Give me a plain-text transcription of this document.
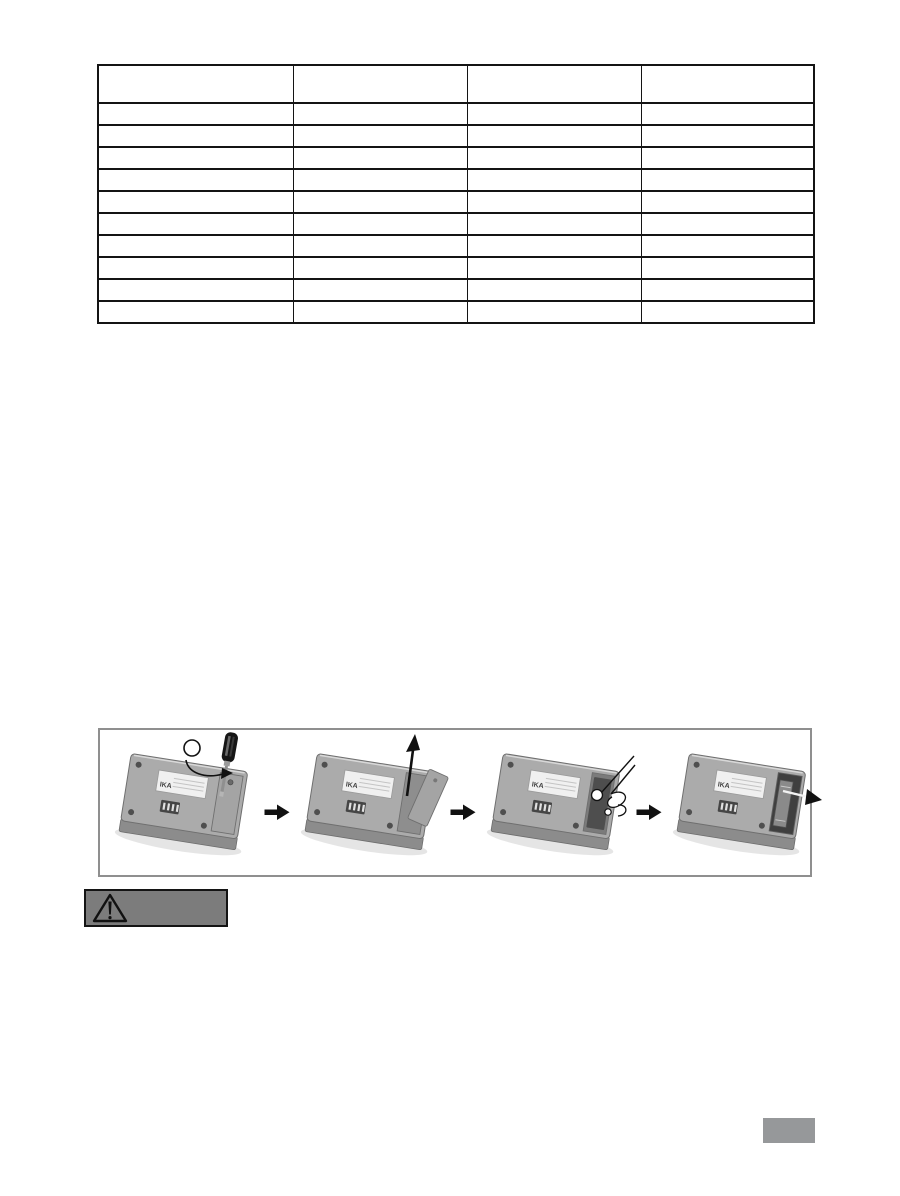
IKA	IKA	IKA	IKA
